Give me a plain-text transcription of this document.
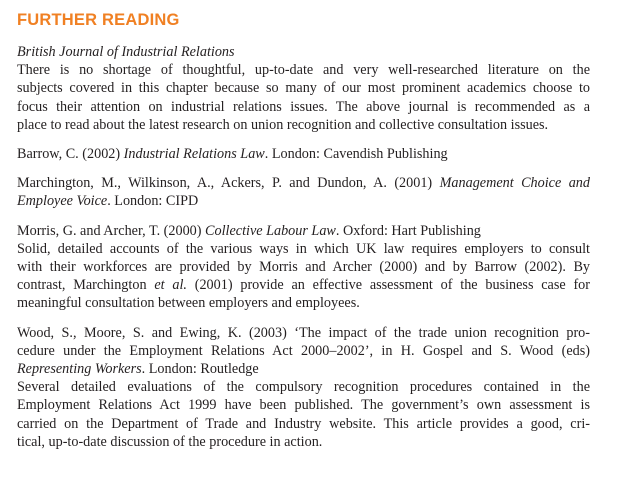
FURTHER READING
British Journal of Industrial Relations
There is no shortage of thoughtful, up-to-date and very well-researched literature on the
subjects covered in this chapter because so many of our most prominent academics choose to
focus their attention on industrial relations issues. The above journal is recommended as a
place to read about the latest research on union recognition and collective consultation issues.
Barrow, C. (2002) Industrial Relations Law. London: Cavendish Publishing
Marchington, M., Wilkinson, A., Ackers, P. and Dundon, A. (2001) Management Choice and
Employee Voice. London: CIPD
Morris, G. and Archer, T. (2000) Collective Labour Law. Oxford: Hart Publishing
Solid, detailed accounts of the various ways in which UK law requires employers to consult
with their workforces are provided by Morris and Archer (2000) and by Barrow (2002). By
contrast, Marchington et al. (2001) provide an effective assessment of the business case for
meaningful consultation between employers and employees.
Wood, S., Moore, S. and Ewing, K. (2003) ‘The impact of the trade union recognition pro-
cedure under the Employment Relations Act 2000–2002’, in H. Gospel and S. Wood (eds)
Representing Workers. London: Routledge
Several detailed evaluations of the compulsory recognition procedures contained in the
Employment Relations Act 1999 have been published. The government’s own assessment is
carried on the Department of Trade and Industry website. This article provides a good, cri-
tical, up-to-date discussion of the procedure in action.
